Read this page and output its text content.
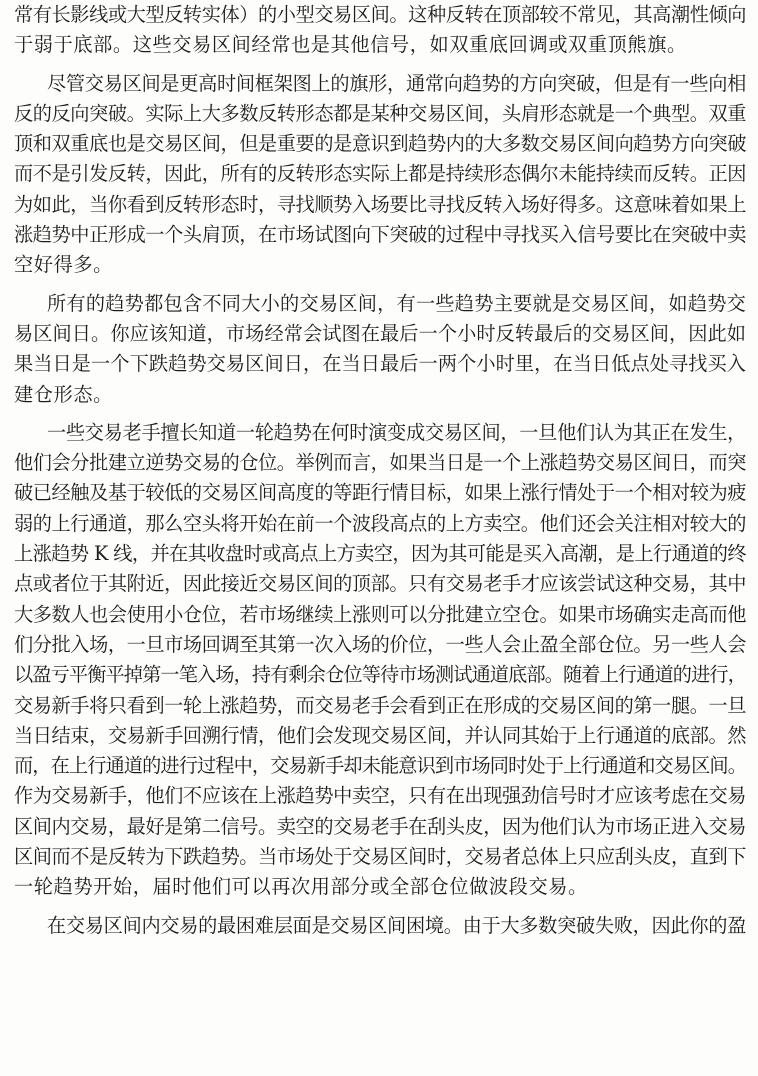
常有长影线或大型反转实体）的小型交易区间。这种反转在顶部较不常见，其高潮性倾向
于弱于底部。这些交易区间经常也是其他信号，如双重底回调或双重顶熊旗。
尽管交易区间是更高时间框架图上的旗形，通常向趋势的方向突破，但是有一些向相
反的反向突破。实际上大多数反转形态都是某种交易区间，头肩形态就是一个典型。双重
顶和双重底也是交易区间，但是重要的是意识到趋势内的大多数交易区间向趋势方向突破
而不是引发反转，因此，所有的反转形态实际上都是持续形态偶尔未能持续而反转。正因
为如此，当你看到反转形态时，寻找顺势入场要比寻找反转入场好得多。这意味着如果上
涨趋势中正形成一个头肩顶，在市场试图向下突破的过程中寻找买入信号要比在突破中卖
空好得多。
所有的趋势都包含不同大小的交易区间，有一些趋势主要就是交易区间，如趋势交
易区间日。你应该知道，市场经常会试图在最后一个小时反转最后的交易区间，因此如
果当日是一个下跌趋势交易区间日，在当日最后一两个小时里，在当日低点处寻找买入
建仓形态。
一些交易老手擅长知道一轮趋势在何时演变成交易区间，一旦他们认为其正在发生，
他们会分批建立逆势交易的仓位。举例而言，如果当日是一个上涨趋势交易区间日，而突
破已经触及基于较低的交易区间高度的等距行情目标，如果上涨行情处于一个相对较为疲
弱的上行通道，那么空头将开始在前一个波段高点的上方卖空。他们还会关注相对较大的
上涨趋势 K 线，并在其收盘时或高点上方卖空，因为其可能是买入高潮，是上行通道的终
点或者位于其附近，因此接近交易区间的顶部。只有交易老手才应该尝试这种交易，其中
大多数人也会使用小仓位，若市场继续上涨则可以分批建立空仓。如果市场确实走高而他
们分批入场，一旦市场回调至其第一次入场的价位，一些人会止盈全部仓位。另一些人会
以盈亏平衡平掉第一笔入场，持有剩余仓位等待市场测试通道底部。随着上行通道的进行，
交易新手将只看到一轮上涨趋势，而交易老手会看到正在形成的交易区间的第一腿。一旦
当日结束，交易新手回溯行情，他们会发现交易区间，并认同其始于上行通道的底部。然
而，在上行通道的进行过程中，交易新手却未能意识到市场同时处于上行通道和交易区间。
作为交易新手，他们不应该在上涨趋势中卖空，只有在出现强劲信号时才应该考虑在交易
区间内交易，最好是第二信号。卖空的交易老手在刮头皮，因为他们认为市场正进入交易
区间而不是反转为下跌趋势。当市场处于交易区间时，交易者总体上只应刮头皮，直到下
一轮趋势开始，届时他们可以再次用部分或全部仓位做波段交易。
在交易区间内交易的最困难层面是交易区间困境。由于大多数突破失败，因此你的盈
